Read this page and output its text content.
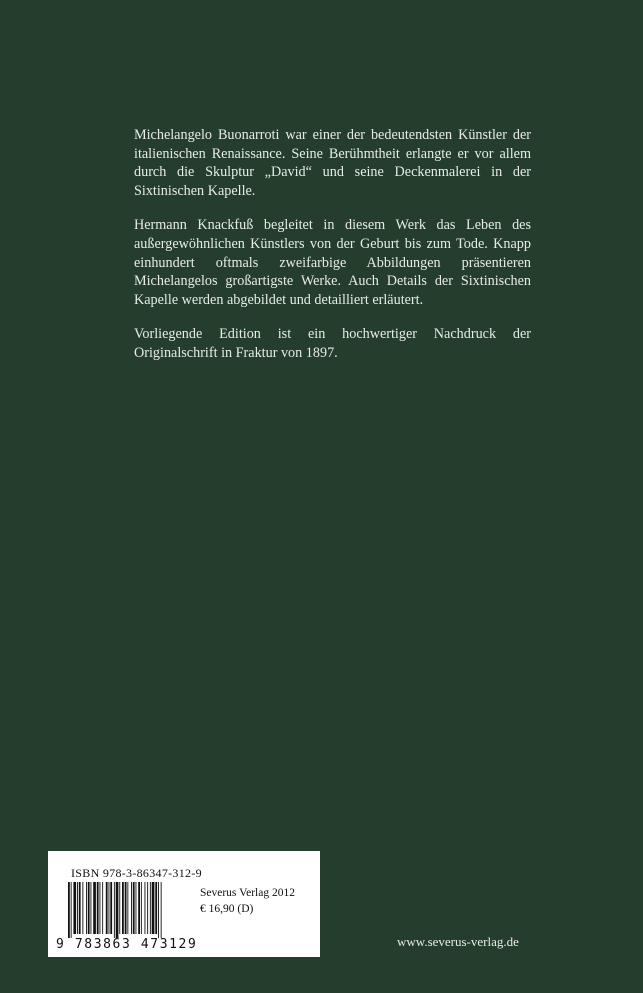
Michelangelo Buonarroti war einer der bedeutendsten Künstler der italienischen Renaissance. Seine Berühmtheit erlangte er vor allem durch die Skulptur „David“ und seine Deckenmalerei in der Sixtinischen Kapelle.

Hermann Knackfuß begleitet in diesem Werk das Leben des außergewöhnlichen Künstlers von der Geburt bis zum Tode. Knapp einhundert oftmals zweifarbige Abbildungen präsentieren Michelangelos großartigste Werke. Auch Details der Sixtinischen Kapelle werden abgebildet und detailliert erläutert.

Vorliegende Edition ist ein hochwertiger Nachdruck der Originalschrift in Fraktur von 1897.

ISBN 978-3-86347-312-9
Severus Verlag 2012
€ 16,90 (D)
9 783863 473129	www.severus-verlag.de
